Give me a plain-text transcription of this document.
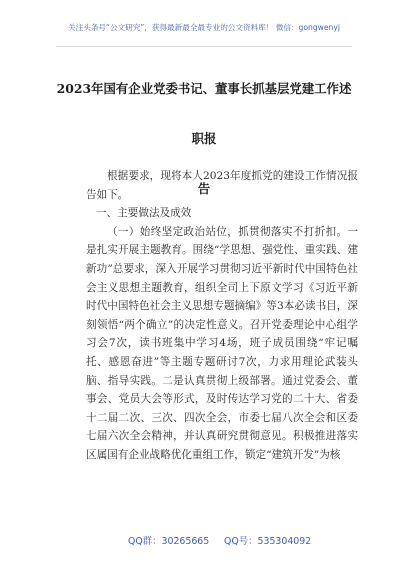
关注头条号“公文研究”，获得最新最全最专业的公文资料库！ 微信：gongwenyj
2023年国有企业党委书记、董事长抓基层党建工作述职报
告

根据要求，现将本人2023年度抓党的建设工作情况报告如下。

一、主要做法及成效

（一）始终坚定政治站位，抓贯彻落实不打折扣。一是扎实开展主题教育。围绕“学思想、强党性、重实践、建新功”总要求，深入开展学习贯彻习近平新时代中国特色社会主义思想主题教育，组织全司上下原文学习《习近平新时代中国特色社会主义思想专题摘编》等3本必读书目，深刻领悟“两个确立”的决定性意义。召开党委理论中心组学习会7次，读书班集中学习4场，班子成员围绕“牢记嘱托、感恩奋进”等主题专题研讨7次，力求用理论武装头脑、指导实践。二是认真贯彻上级部署。通过党委会、董事会、党员大会等形式，及时传达学习党的二十大、省委十二届二次、三次、四次全会，市委七届八次全会和区委七届六次全会精神，并认真研究贯彻意见。积极推进落实区属国有企业战略优化重组工作，锁定“建筑开发”为核

QQ群：30265665 QQ号：535304092
